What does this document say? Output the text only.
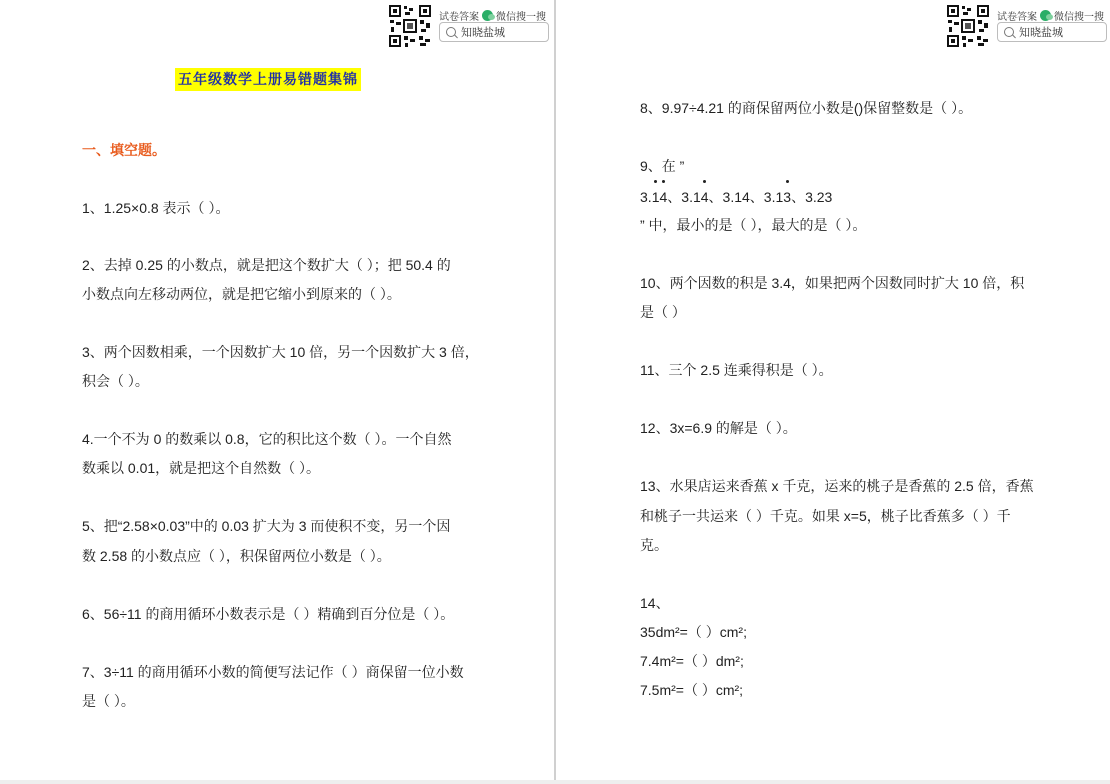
试卷答案 微信搜一搜
知晓盐城
五年级数学上册易错题集锦
一、填空题。
1、1.25×0.8 表示（ ）。
2、去掉 0.25 的小数点，就是把这个数扩大（ ）；把 50.4 的
小数点向左移动两位，就是把它缩小到原来的（ ）。
3、两个因数相乘，一个因数扩大 10 倍，另一个因数扩大 3 倍，
积会（ ）。
4.一个不为 0 的数乘以 0.8，它的积比这个数（ ）。一个自然
数乘以 0.01，就是把这个自然数（ ）。
5、把“2.58×0.03”中的 0.03 扩大为 3 而使积不变，另一个因
数 2.58 的小数点应（ ），积保留两位小数是（ ）。
6、56÷11 的商用循环小数表示是（ ）精确到百分位是（ ）。
7、3÷11 的商用循环小数的简便写法记作（ ）商保留一位小数
是（ ）。
试卷答案 微信搜一搜
知晓盐城
8、9.97÷4.21 的商保留两位小数是()保留整数是（ ）。
9、在 ”
3.14、3.14、3.14、3.13、3.23
” 中，最小的是（ ），最大的是（ ）。
10、两个因数的积是 3.4，如果把两个因数同时扩大 10 倍，积
是（ ）
11、三个 2.5 连乘得积是（ ）。
12、3x=6.9 的解是（ ）。
13、水果店运来香蕉 x 千克，运来的桃子是香蕉的 2.5 倍，香蕉
和桃子一共运来（ ）千克。如果 x=5，桃子比香蕉多（ ）千
克。
14、
35dm²=（ ）cm²;
7.4m²=（ ）dm²;
7.5m²=（ ）cm²;
